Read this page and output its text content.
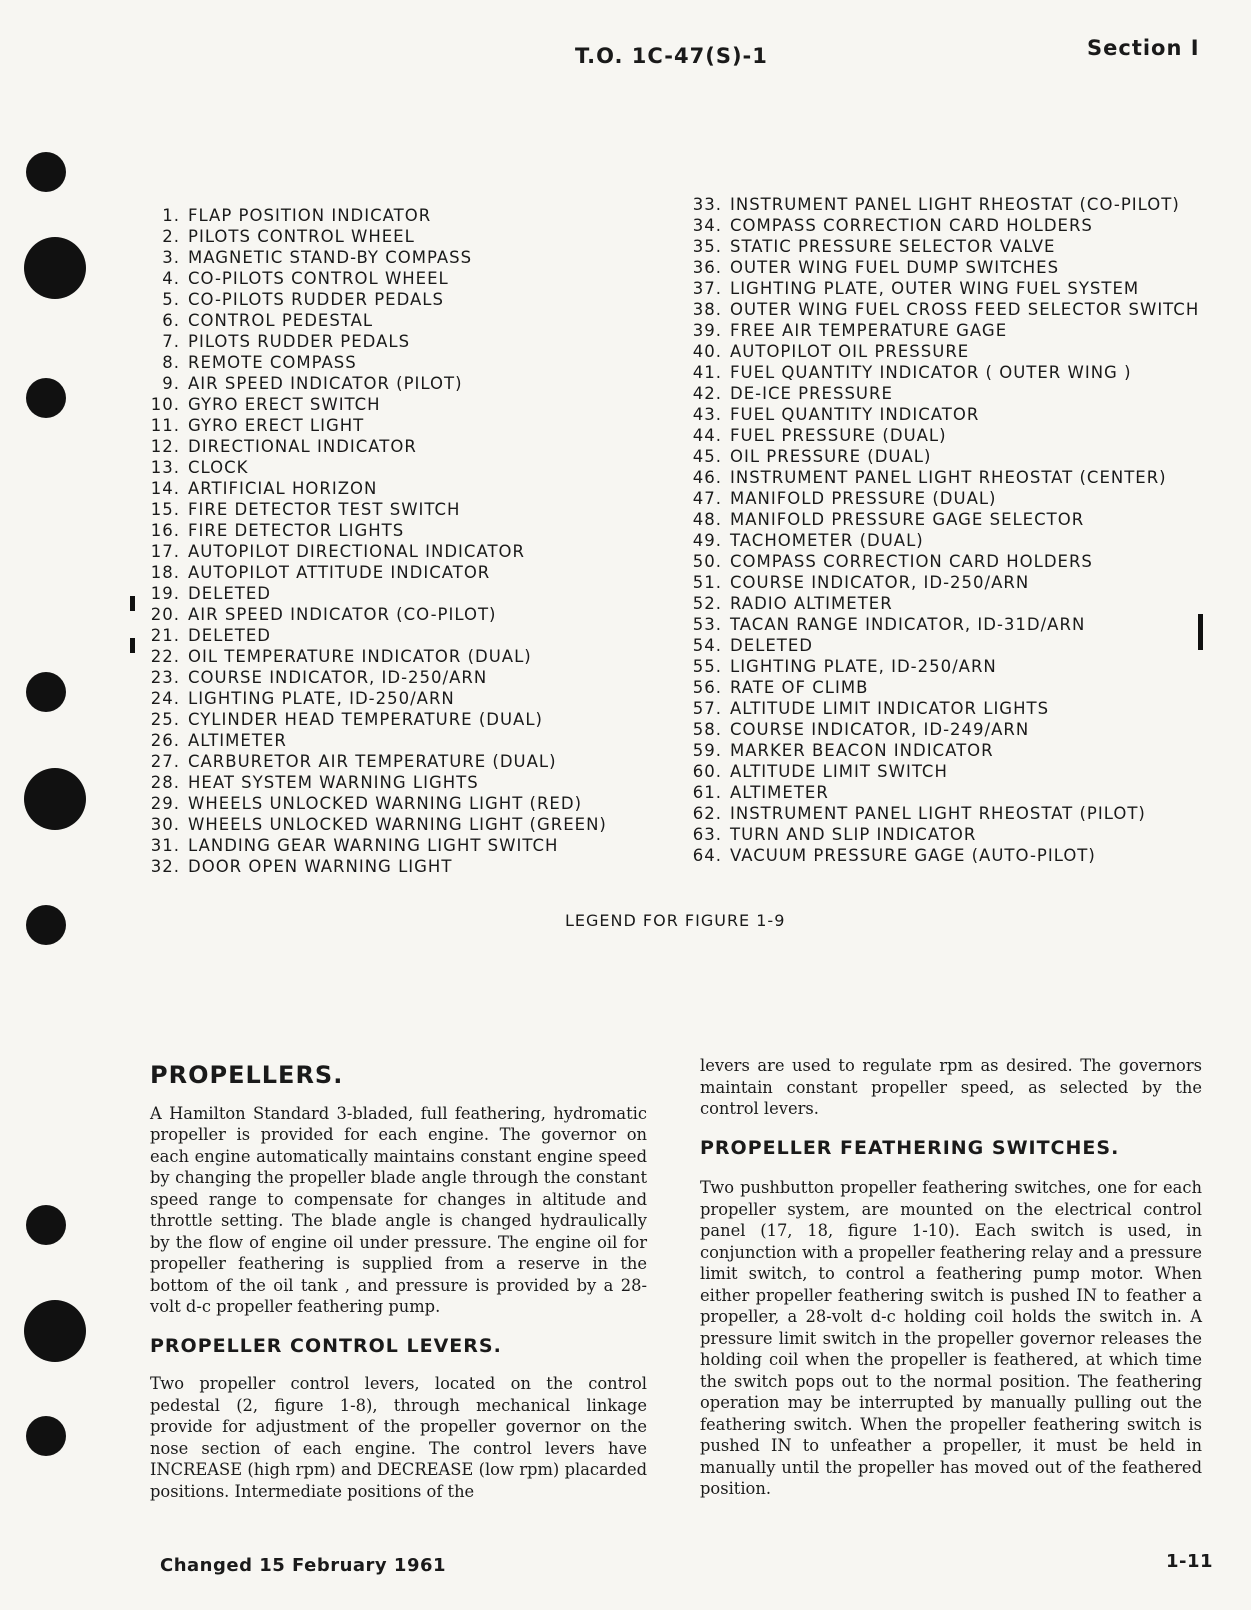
T.O. 1C-47(S)-1	Section I
1. FLAP POSITION INDICATOR
2. PILOTS CONTROL WHEEL
3. MAGNETIC STAND-BY COMPASS
4. CO-PILOTS CONTROL WHEEL
5. CO-PILOTS RUDDER PEDALS
6. CONTROL PEDESTAL
7. PILOTS RUDDER PEDALS
8. REMOTE COMPASS
9. AIR SPEED INDICATOR (PILOT)
10. GYRO ERECT SWITCH
11. GYRO ERECT LIGHT
12. DIRECTIONAL INDICATOR
13. CLOCK
14. ARTIFICIAL HORIZON
15. FIRE DETECTOR TEST SWITCH
16. FIRE DETECTOR LIGHTS
17. AUTOPILOT DIRECTIONAL INDICATOR
18. AUTOPILOT ATTITUDE INDICATOR
19. DELETED
20. AIR SPEED INDICATOR (CO-PILOT)
21. DELETED
22. OIL TEMPERATURE INDICATOR (DUAL)
23. COURSE INDICATOR, ID-250/ARN
24. LIGHTING PLATE, ID-250/ARN
25. CYLINDER HEAD TEMPERATURE (DUAL)
26. ALTIMETER
27. CARBURETOR AIR TEMPERATURE (DUAL)
28. HEAT SYSTEM WARNING LIGHTS
29. WHEELS UNLOCKED WARNING LIGHT (RED)
30. WHEELS UNLOCKED WARNING LIGHT (GREEN)
31. LANDING GEAR WARNING LIGHT SWITCH
32. DOOR OPEN WARNING LIGHT
33. INSTRUMENT PANEL LIGHT RHEOSTAT (CO-PILOT)
34. COMPASS CORRECTION CARD HOLDERS
35. STATIC PRESSURE SELECTOR VALVE
36. OUTER WING FUEL DUMP SWITCHES
37. LIGHTING PLATE, OUTER WING FUEL SYSTEM
38. OUTER WING FUEL CROSS FEED SELECTOR SWITCH
39. FREE AIR TEMPERATURE GAGE
40. AUTOPILOT OIL PRESSURE
41. FUEL QUANTITY INDICATOR ( OUTER WING )
42. DE-ICE PRESSURE
43. FUEL QUANTITY INDICATOR
44. FUEL PRESSURE (DUAL)
45. OIL PRESSURE (DUAL)
46. INSTRUMENT PANEL LIGHT RHEOSTAT (CENTER)
47. MANIFOLD PRESSURE (DUAL)
48. MANIFOLD PRESSURE GAGE SELECTOR
49. TACHOMETER (DUAL)
50. COMPASS CORRECTION CARD HOLDERS
51. COURSE INDICATOR, ID-250/ARN
52. RADIO ALTIMETER
53. TACAN RANGE INDICATOR, ID-31D/ARN
54. DELETED
55. LIGHTING PLATE, ID-250/ARN
56. RATE OF CLIMB
57. ALTITUDE LIMIT INDICATOR LIGHTS
58. COURSE INDICATOR, ID-249/ARN
59. MARKER BEACON INDICATOR
60. ALTITUDE LIMIT SWITCH
61. ALTIMETER
62. INSTRUMENT PANEL LIGHT RHEOSTAT (PILOT)
63. TURN AND SLIP INDICATOR
64. VACUUM PRESSURE GAGE (AUTO-PILOT)
LEGEND FOR FIGURE 1-9
PROPELLERS.

A Hamilton Standard 3-bladed, full feathering, hydromatic propeller is provided for each engine. The governor on each engine automatically maintains constant engine speed by changing the propeller blade angle through the constant speed range to compensate for changes in altitude and throttle setting. The blade angle is changed hydraulically by the flow of engine oil under pressure. The engine oil for propeller feathering is supplied from a reserve in the bottom of the oil tank , and pressure is provided by a 28-volt d-c propeller feathering pump.

PROPELLER CONTROL LEVERS.

Two propeller control levers, located on the control pedestal (2, figure 1-8), through mechanical linkage provide for adjustment of the propeller governor on the nose section of each engine. The control levers have INCREASE (high rpm) and DECREASE (low rpm) placarded positions. Intermediate positions of the

levers are used to regulate rpm as desired. The governors maintain constant propeller speed, as selected by the control levers.

PROPELLER FEATHERING SWITCHES.

Two pushbutton propeller feathering switches, one for each propeller system, are mounted on the electrical control panel (17, 18, figure 1-10). Each switch is used, in conjunction with a propeller feathering relay and a pressure limit switch, to control a feathering pump motor. When either propeller feathering switch is pushed IN to feather a propeller, a 28-volt d-c holding coil holds the switch in. A pressure limit switch in the propeller governor releases the holding coil when the propeller is feathered, at which time the switch pops out to the normal position. The feathering operation may be interrupted by manually pulling out the feathering switch. When the propeller feathering switch is pushed IN to unfeather a propeller, it must be held in manually until the propeller has moved out of the feathered position.

Changed 15 February 1961	1-11
